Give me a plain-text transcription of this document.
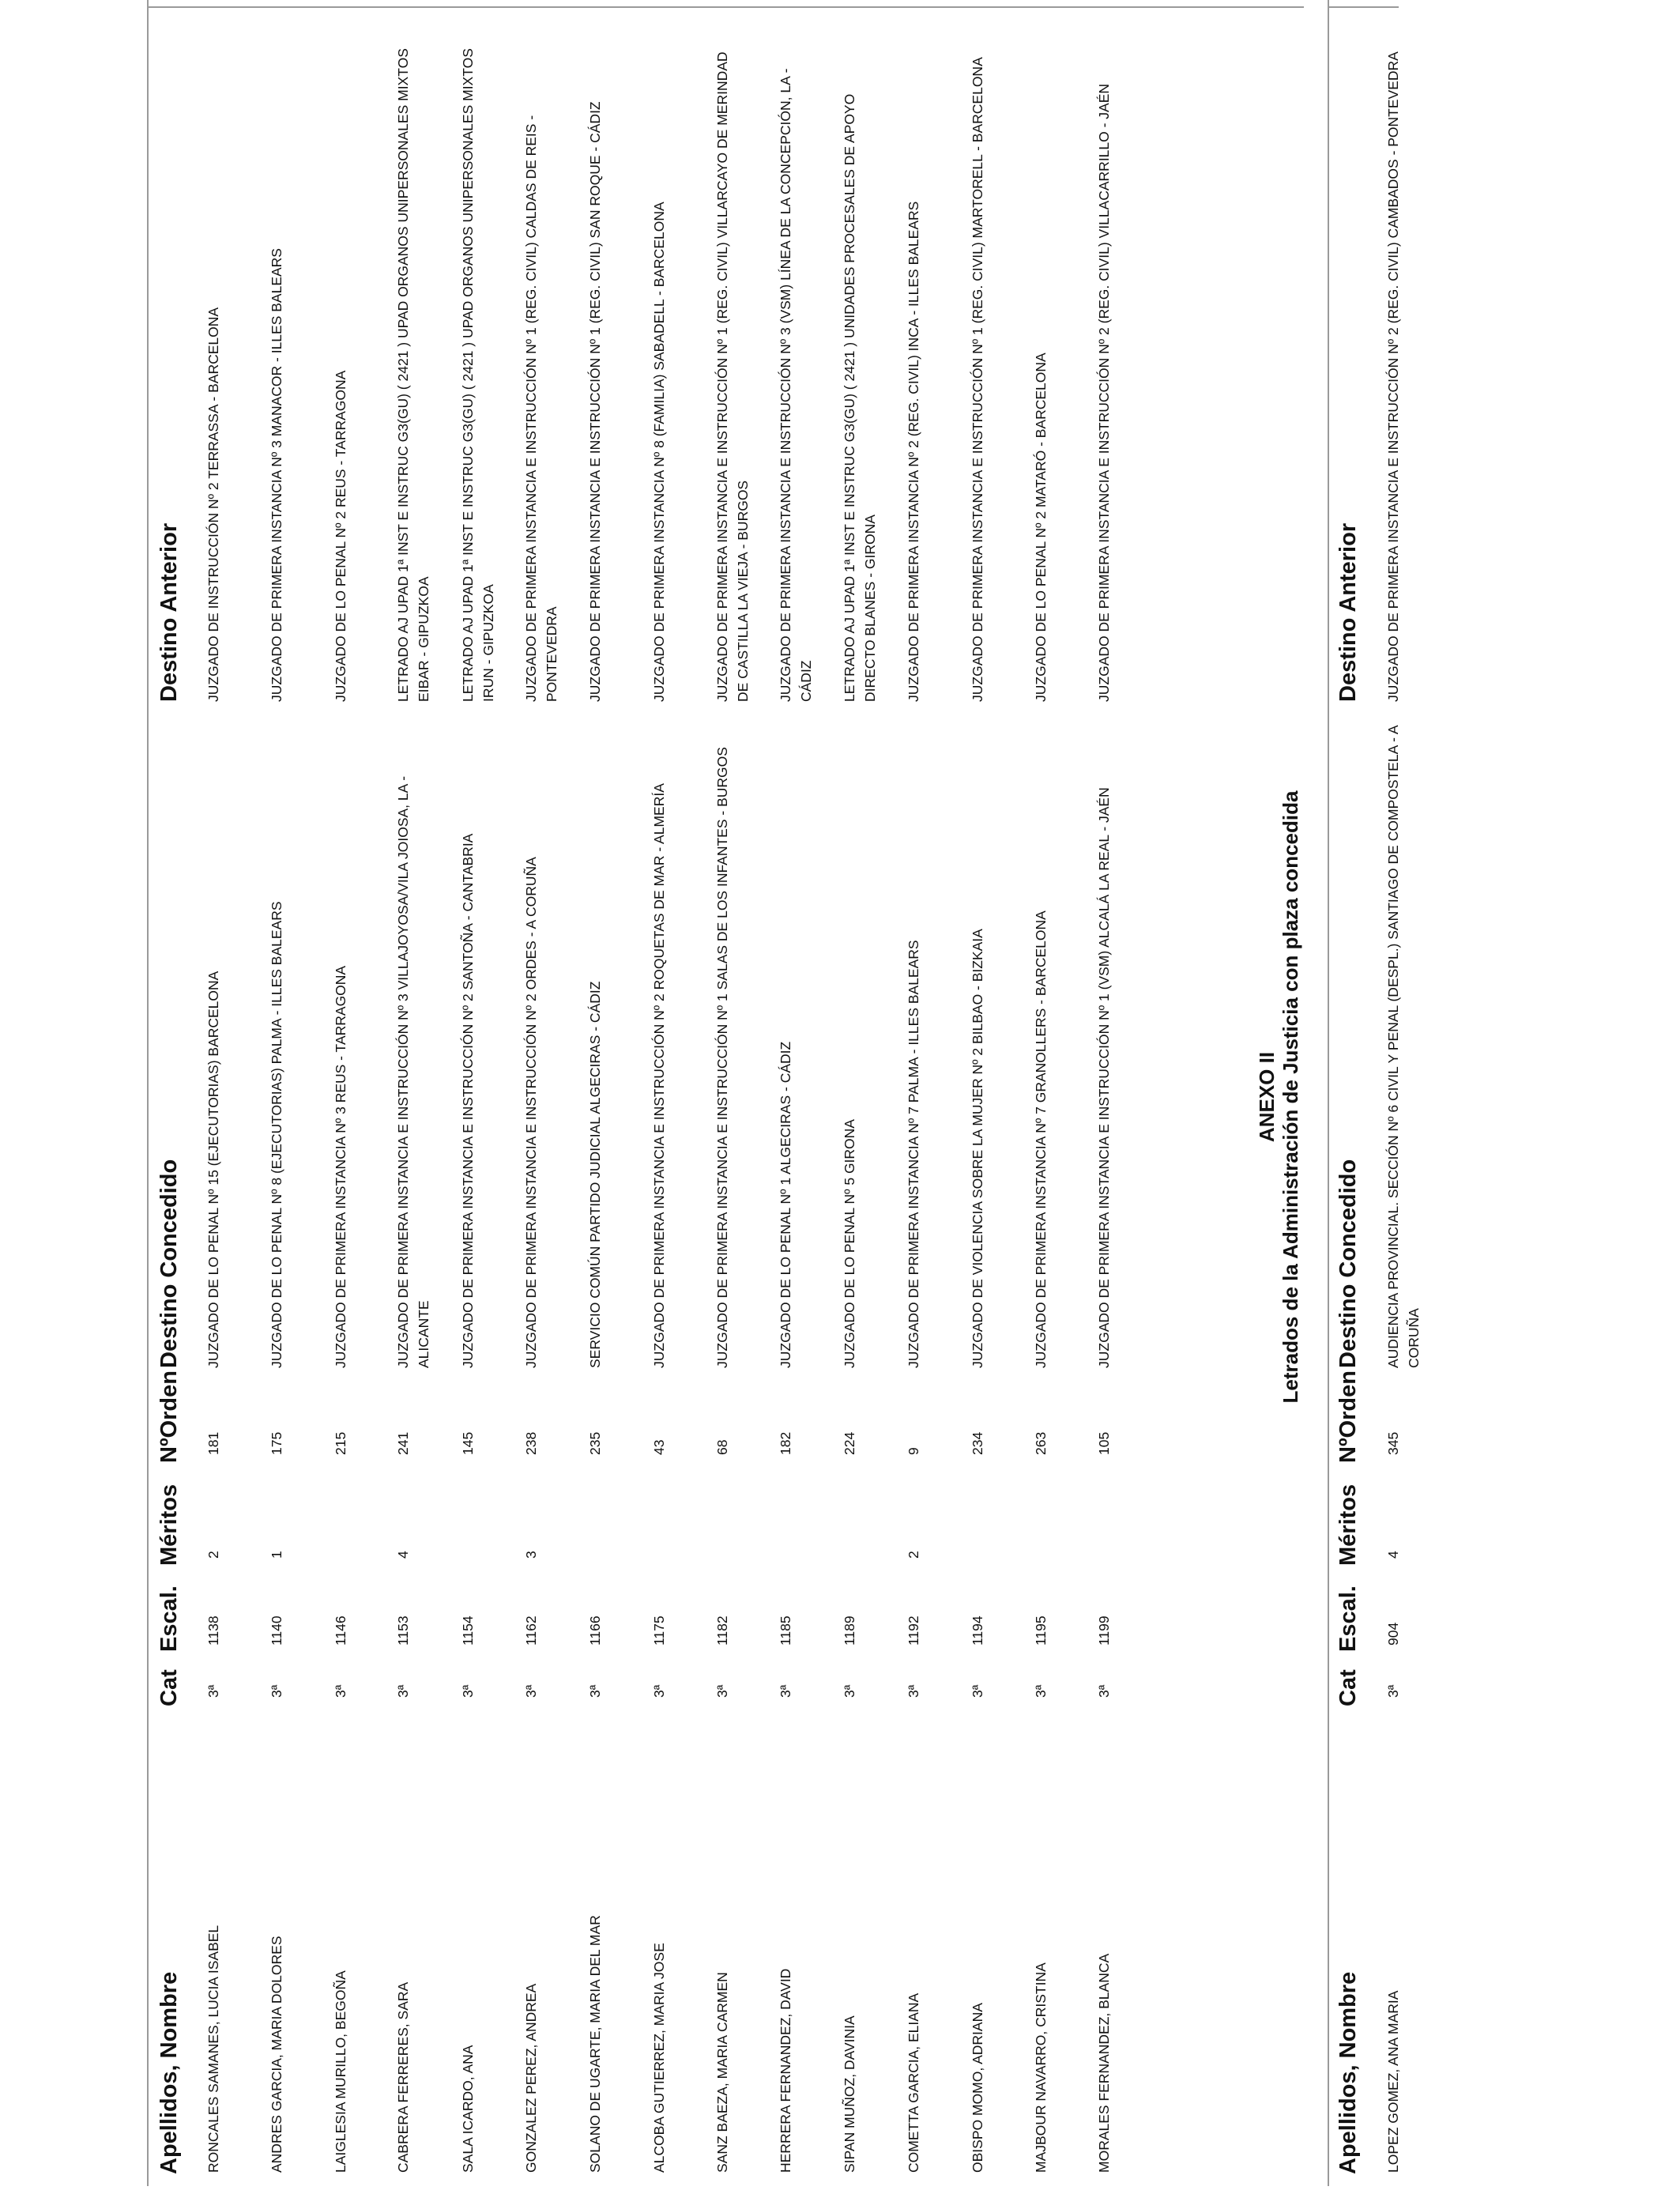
Apellidos, Nombre
Cat
Escal.
Méritos
NºOrden
Destino Concedido
Destino Anterior
RONCALES SAMANES, LUCIA ISABEL
3ª
1138
2
181
JUZGADO DE LO PENAL Nº 15 (EJECUTORIAS) BARCELONA
JUZGADO DE INSTRUCCIÓN Nº 2 TERRASSA - BARCELONA
ANDRES GARCIA, MARIA DOLORES
3ª
1140
1
175
JUZGADO DE LO PENAL Nº 8 (EJECUTORIAS) PALMA - ILLES BALEARS
JUZGADO DE PRIMERA INSTANCIA Nº 3 MANACOR - ILLES BALEARS
LAIGLESIA MURILLO, BEGOÑA
3ª
1146
215
JUZGADO DE PRIMERA INSTANCIA Nº 3 REUS - TARRAGONA
JUZGADO DE LO PENAL Nº 2 REUS - TARRAGONA
CABRERA FERRERES, SARA
3ª
1153
4
241
JUZGADO DE PRIMERA INSTANCIA E INSTRUCCIÓN Nº 3 VILLAJOYOSA/VILA JOIOSA, LA - ALICANTE
LETRADO AJ UPAD 1ª INST E INSTRUC G3(GU) ( 2421 ) UPAD ORGANOS UNIPERSONALES MIXTOS EIBAR - GIPUZKOA
SALA ICARDO, ANA
3ª
1154
145
JUZGADO DE PRIMERA INSTANCIA E INSTRUCCIÓN Nº 2 SANTOÑA - CANTABRIA
LETRADO AJ UPAD 1ª INST E INSTRUC G3(GU) ( 2421 ) UPAD ORGANOS UNIPERSONALES MIXTOS IRUN - GIPUZKOA
GONZALEZ PEREZ, ANDREA
3ª
1162
3
238
JUZGADO DE PRIMERA INSTANCIA E INSTRUCCIÓN Nº 2 ORDES - A CORUÑA
JUZGADO DE PRIMERA INSTANCIA E INSTRUCCIÓN Nº 1 (REG. CIVIL) CALDAS DE REIS - PONTEVEDRA
SOLANO DE UGARTE, MARIA DEL MAR
3ª
1166
235
SERVICIO COMÚN PARTIDO JUDICIAL ALGECIRAS - CÁDIZ
JUZGADO DE PRIMERA INSTANCIA E INSTRUCCIÓN Nº 1 (REG. CIVIL) SAN ROQUE - CÁDIZ
ALCOBA GUTIERREZ, MARIA JOSE
3ª
1175
43
JUZGADO DE PRIMERA INSTANCIA E INSTRUCCIÓN Nº 2 ROQUETAS DE MAR - ALMERÍA
JUZGADO DE PRIMERA INSTANCIA Nº 8 (FAMILIA) SABADELL - BARCELONA
SANZ BAEZA, MARIA CARMEN
3ª
1182
68
JUZGADO DE PRIMERA INSTANCIA E INSTRUCCIÓN Nº 1 SALAS DE LOS INFANTES - BURGOS
JUZGADO DE PRIMERA INSTANCIA E INSTRUCCIÓN Nº 1 (REG. CIVIL) VILLARCAYO DE MERINDAD DE CASTILLA LA VIEJA - BURGOS
HERRERA FERNANDEZ, DAVID
3ª
1185
182
JUZGADO DE LO PENAL Nº 1 ALGECIRAS - CÁDIZ
JUZGADO DE PRIMERA INSTANCIA E INSTRUCCIÓN Nº 3 (VSM) LÍNEA DE LA CONCEPCIÓN, LA - CÁDIZ
SIPAN MUÑOZ, DAVINIA
3ª
1189
224
JUZGADO DE LO PENAL Nº 5 GIRONA
LETRADO AJ UPAD 1ª INST E INSTRUC G3(GU) ( 2421 ) UNIDADES PROCESALES DE APOYO DIRECTO BLANES - GIRONA
COMETTA GARCIA, ELIANA
3ª
1192
2
9
JUZGADO DE PRIMERA INSTANCIA Nº 7 PALMA - ILLES BALEARS
JUZGADO DE PRIMERA INSTANCIA Nº 2 (REG. CIVIL) INCA - ILLES BALEARS
OBISPO MOMO, ADRIANA
3ª
1194
234
JUZGADO DE VIOLENCIA SOBRE LA MUJER Nº 2 BILBAO - BIZKAIA
JUZGADO DE PRIMERA INSTANCIA E INSTRUCCIÓN Nº 1 (REG. CIVIL) MARTORELL - BARCELONA
MAJBOUR NAVARRO, CRISTINA
3ª
1195
263
JUZGADO DE PRIMERA INSTANCIA Nº 7 GRANOLLERS - BARCELONA
JUZGADO DE LO PENAL Nº 2 MATARÓ - BARCELONA
MORALES FERNANDEZ, BLANCA
3ª
1199
105
JUZGADO DE PRIMERA INSTANCIA E INSTRUCCIÓN Nº 1 (VSM) ALCALÁ LA REAL - JAÉN
JUZGADO DE PRIMERA INSTANCIA E INSTRUCCIÓN Nº 2 (REG. CIVIL) VILLACARRILLO - JAÉN
ANEXO II Letrados de la Administración de Justicia con plaza concedida
Apellidos, Nombre
Cat
Escal.
Méritos
NºOrden
Destino Concedido
Destino Anterior
LOPEZ GOMEZ, ANA MARIA
3ª
904
4
345
AUDIENCIA PROVINCIAL. SECCIÓN Nº 6 CIVIL Y PENAL (DESPL.) SANTIAGO DE COMPOSTELA - A CORUÑA
JUZGADO DE PRIMERA INSTANCIA E INSTRUCCIÓN Nº 2 (REG. CIVIL) CAMBADOS - PONTEVEDRA
